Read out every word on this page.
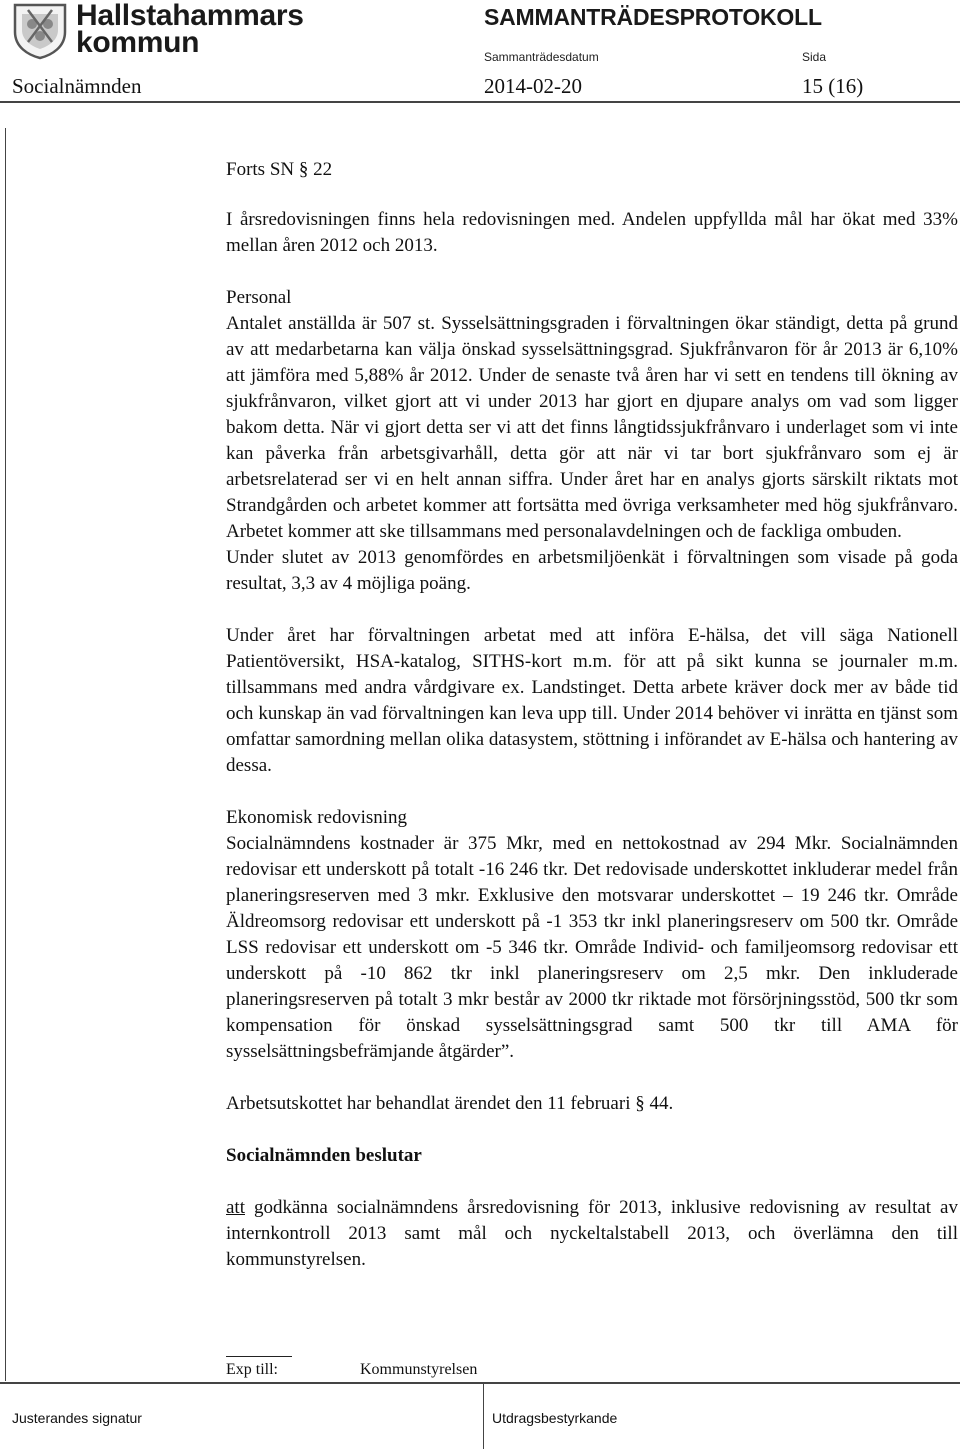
Hallstahammars
kommun
SAMMANTRÄDESPROTOKOLL
Sammanträdesdatum	Sida
Socialnämnden	2014-02-20	15 (16)

Forts SN § 22

I årsredovisningen finns hela redovisningen med. Andelen uppfyllda mål har ökat med 33% mellan åren 2012 och 2013.

Personal

Antalet anställda är 507 st. Sysselsättningsgraden i förvaltningen ökar ständigt, detta på grund av att medarbetarna kan välja önskad sysselsättningsgrad. Sjukfrånvaron för år 2013 är 6,10% att jämföra med 5,88% år 2012. Under de senaste två åren har vi sett en tendens till ökning av sjukfrånvaron, vilket gjort att vi under 2013 har gjort en djupare analys om vad som ligger bakom detta. När vi gjort detta ser vi att det finns långtidssjukfrånvaro i underlaget som vi inte kan påverka från arbetsgivarhåll, detta gör att när vi tar bort sjukfrånvaro som ej är arbetsrelaterad ser vi en helt annan siffra. Under året har en analys gjorts särskilt riktats mot Strandgården och arbetet kommer att fortsätta med övriga verksamheter med hög sjukfrånvaro. Arbetet kommer att ske tillsammans med personalavdelningen och de fackliga ombuden.

Under slutet av 2013 genomfördes en arbetsmiljöenkät i förvaltningen som visade på goda resultat, 3,3 av 4 möjliga poäng.

Under året har förvaltningen arbetat med att införa E-hälsa, det vill säga Nationell Patientöversikt, HSA-katalog, SITHS-kort m.m. för att på sikt kunna se journaler m.m. tillsammans med andra vårdgivare ex. Landstinget. Detta arbete kräver dock mer av både tid och kunskap än vad förvaltningen kan leva upp till. Under 2014 behöver vi inrätta en tjänst som omfattar samordning mellan olika datasystem, stöttning i införandet av E-hälsa och hantering av dessa.

Ekonomisk redovisning

Socialnämndens kostnader är 375 Mkr, med en nettokostnad av 294 Mkr. Socialnämnden redovisar ett underskott på totalt -16 246 tkr. Det redovisade underskottet inkluderar medel från planeringsreserven med 3 mkr. Exklusive den motsvarar underskottet – 19 246 tkr. Område Äldreomsorg redovisar ett underskott på -1 353 tkr inkl planeringsreserv om 500 tkr. Område LSS redovisar ett underskott om -5 346 tkr. Område Individ- och familjeomsorg redovisar ett underskott på -10 862 tkr inkl planeringsreserv om 2,5 mkr. Den inkluderade planeringsreserven på totalt 3 mkr består av 2000 tkr riktade mot försörjningsstöd, 500 tkr som kompensation för önskad sysselsättningsgrad samt 500 tkr till AMA för sysselsättningsbefrämjande åtgärder”.

Arbetsutskottet har behandlat ärendet den 11 februari § 44.

Socialnämnden beslutar

att godkänna socialnämndens årsredovisning för 2013, inklusive redovisning av resultat av internkontroll 2013 samt mål och nyckeltalstabell 2013, och överlämna den till kommunstyrelsen.

Exp till:	Kommunstyrelsen
Justerandes signatur	Utdragsbestyrkande
